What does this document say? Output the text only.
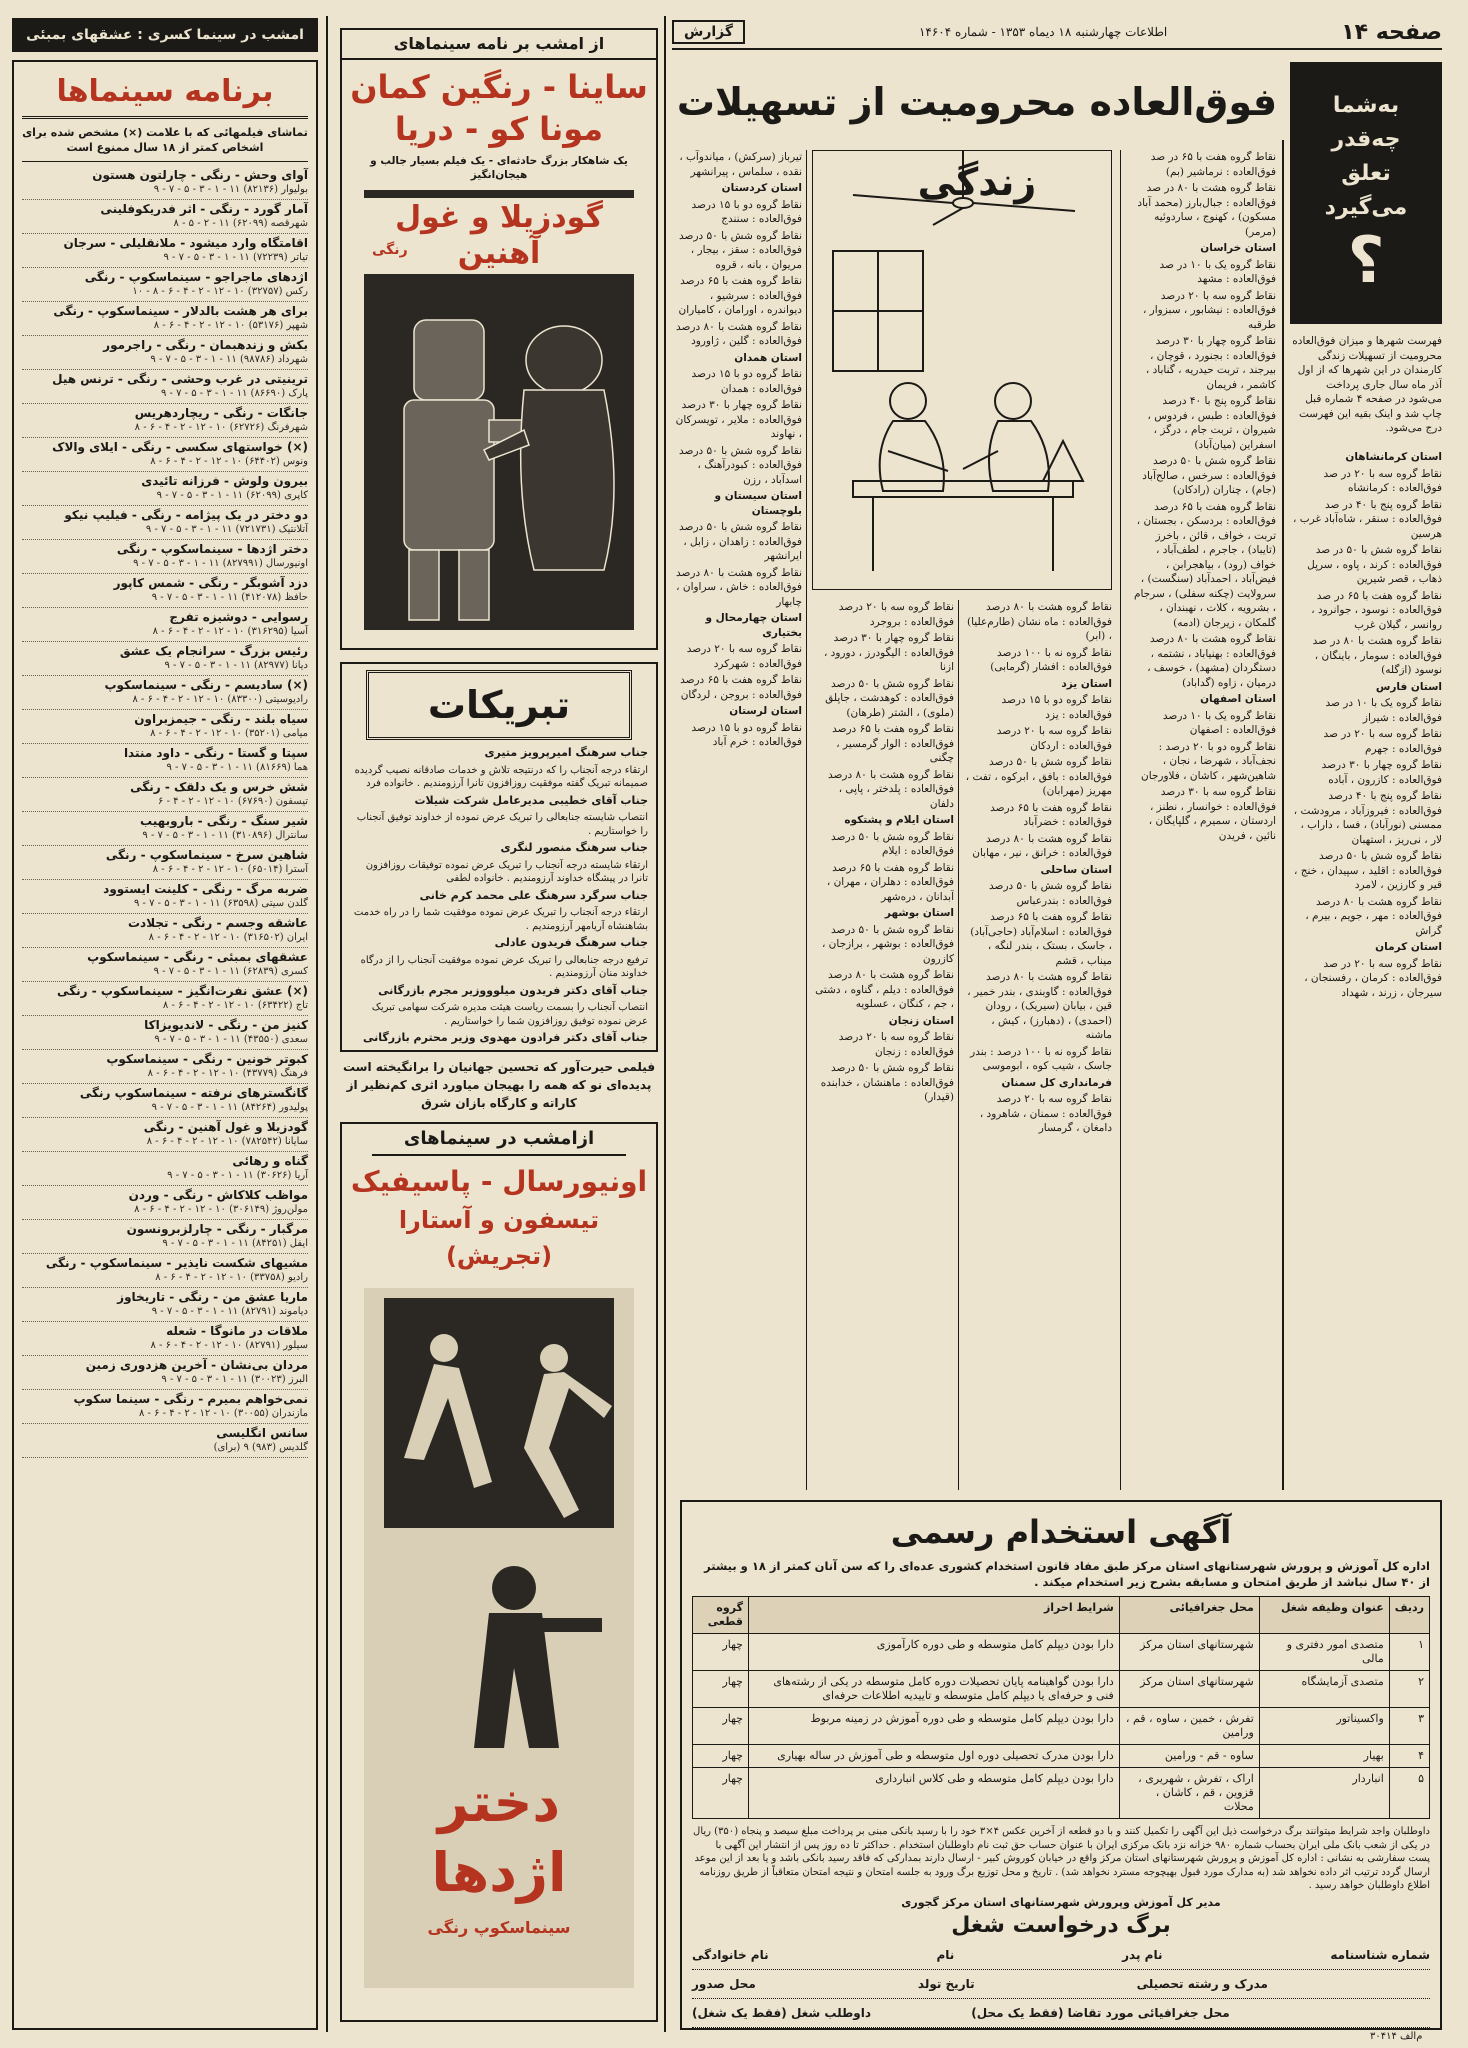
گزارش	اطلاعات چهارشنبه ۱۸ دیماه ۱۳۵۳ - شماره ۱۴۶۰۴	صفحه ۱۴
فوق‌العاده محرومیت از تسهیلات زندگی
به‌شما
چه‌قدر
تعلق
می‌گیرد
؟
فهرست شهرها و میزان فوق‌العاده محرومیت از تسهیلات زندگی کارمندان در این شهرها که از اول آذر ماه سال جاری پرداخت می‌شود در صفحه ۴ شماره قبل چاپ شد و اینک بقیه این فهرست درج می‌شود.

استان کرمانشاهان

نقاط گروه سه با ۲۰ در صد فوق‌العاده : کرمانشاه

نقاط گروه پنج با ۴۰ در صد فوق‌العاده : سنقر ، شاه‌آباد غرب ، هرسین

نقاط گروه شش با ۵۰ در صد فوق‌العاده : کرند ، پاوه ، سرپل ذهاب ، قصر شیرین

نقاط گروه هفت با ۶۵ در صد فوق‌العاده : نوسود ، جوانرود ، روانسر ، گیلان غرب

نقاط گروه هشت با ۸۰ در صد فوق‌العاده : سومار ، باینگان ، نوسود (ازگله)

استان فارس

نقاط گروه یک با ۱۰ در صد فوق‌العاده : شیراز

نقاط گروه سه با ۲۰ در صد فوق‌العاده : جهرم

نقاط گروه چهار با ۳۰ درصد فوق‌العاده : کازرون ، آباده

نقاط گروه پنج با ۴۰ درصد فوق‌العاده : فیروزآباد ، مرودشت ، ممسنی (نورآباد) ، فسا ، داراب ، لار ، نی‌ریز ، استهبان

نقاط گروه شش با ۵۰ درصد فوق‌العاده : اقلید ، سپیدان ، خنج ، قیر و کارزین ، لامرد

نقاط گروه هشت با ۸۰ درصد فوق‌العاده : مهر ، جویم ، بیرم ، گراش

استان کرمان

نقاط گروه سه با ۲۰ در صد فوق‌العاده : کرمان ، رفسنجان ، سیرجان ، زرند ، شهداد

نقاط گروه هفت با ۶۵ در صد فوق‌العاده : نرماشیر (بم)

نقاط گروه هشت با ۸۰ در صد فوق‌العاده : جبال‌بارز (محمد آباد مسکون) ، کهنوج ، ساردوئیه (مرمر)

استان خراسان

نقاط گروه یک با ۱۰ در صد فوق‌العاده : مشهد

نقاط گروه سه با ۲۰ درصد فوق‌العاده : نیشابور ، سبزوار ، طرقبه

نقاط گروه چهار با ۳۰ درصد فوق‌العاده : بجنورد ، قوچان ، بیرجند ، تربت حیدریه ، گناباد ، کاشمر ، فریمان

نقاط گروه پنج با ۴۰ درصد فوق‌العاده : طبس ، فردوس ، شیروان ، تربت جام ، درگز ، اسفراین (میان‌آباد)

نقاط گروه شش با ۵۰ درصد فوق‌العاده : سرخس ، صالح‌آباد (جام) ، چناران (رادکان)

نقاط گروه هفت با ۶۵ درصد فوق‌العاده : بردسکن ، بجستان ، تربت ، خواف ، قائن ، باخرز (تایباد) ، جاجرم ، لطف‌آباد ، خواف (رود) ، بیاهجرابن ، فیض‌آباد ، احمدآباد (سنگست) ، سرولایت (چکنه سفلی) ، سرجام ، بشرویه ، کلات ، نهبندان ، گلمکان ، زیرجان (ادمه)

نقاط گروه هشت با ۸۰ درصد فوق‌العاده : بهنیاباد ، نشتمه ، دستگردان (مشهد) ، خوسف ، درمیان ، زاوه (گداباد)

استان اصفهان

نقاط گروه یک با ۱۰ درصد فوق‌العاده : اصفهان

نقاط گروه دو با ۲۰ درصد : نجف‌آباد ، شهرضا ، نجان ، شاهین‌شهر ، کاشان ، فلاورجان

نقاط گروه سه با ۳۰ درصد فوق‌العاده : خوانسار ، نطنز ، اردستان ، سمیرم ، گلپایگان ، نائین ، فریدن

نقاط گروه هشت با ۸۰ درصد فوق‌العاده : ماه نشان (طارم‌علیا) ، (ابر)

نقاط گروه نه با ۱۰۰ درصد فوق‌العاده : افشار (گرمابی)

استان یزد

نقاط گروه دو با ۱۵ درصد فوق‌العاده : یزد

نقاط گروه سه با ۲۰ درصد فوق‌العاده : اردکان

نقاط گروه شش با ۵۰ درصد فوق‌العاده : بافق ، ابرکوه ، تفت ، مهریز (مهرابان)

نقاط گروه هفت با ۶۵ درصد فوق‌العاده : خضرآباد

نقاط گروه هشت با ۸۰ درصد فوق‌العاده : خرانق ، نیر ، مهابان

استان ساحلی

نقاط گروه شش با ۵۰ درصد فوق‌العاده : بندرعباس

نقاط گروه هفت با ۶۵ درصد فوق‌العاده : اسلام‌آباد (حاجی‌آباد) ، جاسک ، بستک ، بندر لنگه ، میناب ، قشم

نقاط گروه هشت با ۸۰ درصد فوق‌العاده : گاوبندی ، بندر خمیر ، قین ، بیابان (سیریک) ، رودان (احمدی) ، (دهبارز) ، کیش ، ماشنه

نقاط گروه نه با ۱۰۰ درصد : بندر جاسک ، شیب کوه ، ابوموسی

فرمانداری کل سمنان

نقاط گروه سه با ۲۰ درصد فوق‌العاده : سمنان ، شاهرود ، دامغان ، گرمسار

نقاط گروه سه با ۲۰ درصد فوق‌العاده : بروجرد

نقاط گروه چهار با ۳۰ درصد فوق‌العاده : الیگودرز ، دورود ، ازنا

نقاط گروه شش با ۵۰ درصد فوق‌العاده : کوهدشت ، جاپلق (ملوی) ، الشتر (طرهان)

نقاط گروه هفت با ۶۵ درصد فوق‌العاده : الوار گرمسیر ، چگنی

نقاط گروه هشت با ۸۰ درصد فوق‌العاده : پلدختر ، پاپی ، دلفان

استان ایلام و پشتکوه

نقاط گروه شش با ۵۰ درصد فوق‌العاده : ایلام

نقاط گروه هفت با ۶۵ درصد فوق‌العاده : دهلران ، مهران ، آبدانان ، دره‌شهر

استان بوشهر

نقاط گروه شش با ۵۰ درصد فوق‌العاده : بوشهر ، برازجان ، کازرون

نقاط گروه هشت با ۸۰ درصد فوق‌العاده : دیلم ، گناوه ، دشتی ، جم ، کنگان ، عسلویه

استان زنجان

نقاط گروه سه با ۲۰ درصد فوق‌العاده : زنجان

نقاط گروه شش با ۵۰ درصد فوق‌العاده : ماهنشان ، خدابنده (قیدار)

تیرباز (سرکش) ، میاندوآب ، نقده ، سلماس ، پیرانشهر

استان کردستان

نقاط گروه دو با ۱۵ درصد فوق‌العاده : سنندج

نقاط گروه شش با ۵۰ درصد فوق‌العاده : سقز ، بیجار ، مریوان ، بانه ، قروه

نقاط گروه هفت با ۶۵ درصد فوق‌العاده : سرشیو ، دیواندره ، اورامان ، کامیاران

نقاط گروه هشت با ۸۰ درصد فوق‌العاده : گلین ، ژاورود

استان همدان

نقاط گروه دو با ۱۵ درصد فوق‌العاده : همدان

نقاط گروه چهار با ۳۰ درصد فوق‌العاده : ملایر ، تویسرکان ، نهاوند

نقاط گروه شش با ۵۰ درصد فوق‌العاده : کبودرآهنگ ، اسدآباد ، رزن

استان سیستان و بلوچستان

نقاط گروه شش با ۵۰ درصد فوق‌العاده : زاهدان ، زابل ، ایرانشهر

نقاط گروه هشت با ۸۰ درصد فوق‌العاده : خاش ، سراوان ، چابهار

استان چهارمحال و بختیاری

نقاط گروه سه با ۲۰ درصد فوق‌العاده : شهرکرد

نقاط گروه هفت با ۶۵ درصد فوق‌العاده : بروجن ، لردگان

استان لرستان

نقاط گروه دو با ۱۵ درصد فوق‌العاده : خرم آباد

آگهی استخدام رسمی
اداره کل آموزش و پرورش شهرستانهای استان مرکز طبق مفاد قانون استخدام کشوری عده‌ای را که سن آنان کمتر از ۱۸ و بیشتر از ۴۰ سال نباشد از طریق امتحان و مسابقه بشرح زیر استخدام میکند .
ردیف	عنوان وظیفه شغل	محل جغرافیائی	شرایط احراز	گروه قطعی
۱	متصدی امور دفتری و مالی	شهرستانهای استان مرکز	دارا بودن دیپلم کامل متوسطه و طی دوره کارآموزی	چهار
۲	متصدی آزمایشگاه	شهرستانهای استان مرکز	دارا بودن گواهینامه پایان تحصیلات دوره کامل متوسطه در یکی از رشته‌های فنی و حرفه‌ای یا دیپلم کامل متوسطه و تاییدیه اطلاعات حرفه‌ای	چهار
۳	واکسیناتور	تفرش ، خمین ، ساوه ، قم ، ورامین	دارا بودن دیپلم کامل متوسطه و طی دوره آموزش در زمینه مربوط	چهار
۴	بهیار	ساوه - قم - ورامین	دارا بودن مدرک تحصیلی دوره اول متوسطه و طی آموزش در ساله بهیاری	چهار
۵	انباردار	اراک ، تفرش ، شهریری ، قزوین ، قم ، کاشان ، محلات	دارا بودن دیپلم کامل متوسطه و طی کلاس انبارداری	چهار
داوطلبان واجد شرایط میتوانند برگ درخواست ذیل این آگهی را تکمیل کنند و با دو قطعه از آخرین عکس ۴×۳ خود را با رسید بانکی مبنی بر پرداخت مبلغ سیصد و پنجاه (۳۵۰) ریال در یکی از شعب بانک ملی ایران بحساب شماره ۹۸۰ خزانه نزد بانک مرکزی ایران با عنوان حساب حق ثبت نام داوطلبان استخدام . حداکثر تا ده روز پس از انتشار این آگهی با پست سفارشی به نشانی : اداره کل آموزش و پرورش شهرستانهای استان مرکز واقع در خیابان کوروش کبیر - ارسال دارند بمدارکی که فاقد رسید بانکی باشد و یا بعد از این موعد ارسال گردد ترتیب اثر داده نخواهد شد (به مدارک مورد قبول بهیچوجه مسترد نخواهد شد) . تاریخ و محل توزیع برگ ورود به جلسه امتحان و نتیجه امتحان متعاقباً از طریق روزنامه اطلاع داوطلبان خواهد رسید .
مدیر کل آموزش وپرورش شهرستانهای استان مرکز گجوری
برگ درخواست شغل
نام خانوادگی	نام	نام پدر	شماره شناسنامه
محل صدور	تاریخ تولد	مدرک و رشته تحصیلی
داوطلب شغل (فقط یک شغل)	محل جغرافیائی مورد تقاضا (فقط یک محل)
م‌الف ۳۰۴۱۴
از امشب بر نامه سینماهای
ساینا - رنگین کمان
مونا کو - دریا
یک شاهکار بزرگ حادثه‌ای - یک فیلم بسیار جالب و هیجان‌انگیز
گودزیلا و غول آهنین
رنگی
تبریکات

جناب سرهنگ امیرپرویز متیری

ارتقاء درجه آنجناب را که درنتیجه تلاش و خدمات صادقانه نصیب گردیده صمیمانه تبریک گفته موفقیت روزافزون تانرا آرزومندیم . خانواده فرد

جناب آقای خطیبی مدیرعامل شرکت شیلات

انتصاب شایسته جنابعالی را تبریک عرض نموده از خداوند توفیق آنجناب را خواستاریم .

جناب سرهنگ منصور لنگری

ارتقاء شایسته درجه آنجناب را تبریک عرض نموده توفیقات روزافزون تانرا در پیشگاه خداوند آرزومندیم . خانواده لطفی

جناب سرگرد سرهنگ علی محمد کرم خانی

ارتقاء درجه آنجناب را تبریک عرض نموده موفقیت شما را در راه خدمت بشاهنشاه آریامهر آرزومندیم .

جناب سرهنگ فریدون عادلی

ترفیع درجه جنابعالی را تبریک عرض نموده موفقیت آنجناب را از درگاه خداوند منان آرزومندیم .

جناب آقای دکتر فریدون میلوووزیر مجرم بازرگانی

انتصاب آنجناب را بسمت ریاست هیئت مدیره شرکت سهامی تبریک عرض نموده توفیق روزافزون شما را خواستاریم .

جناب آقای دکتر فرادون مهدوی وزیر محترم بازرگانی

فیلمی حیرت‌آور که تحسین جهانیان را برانگیخته است پدیده‌ای نو که همه را بهیجان میاورد اثری کم‌نظیر از کاراته و کارگاه بازان شرق
ازامشب در سینماهای
اونیورسال - پاسیفیک
تیسفون و آستارا (تجریش)
دختر اژدها
سینماسکوپ رنگی
امشب در سینما کسری : عشقهای بمبئی
برنامه سینماها
تماشای فیلمهائی که با علامت (×) مشخص شده برای اشخاص کمتر از ۱۸ سال ممنوع است
آوای وحش - رنگی - چارلتون هستون
بولیوار (۸۲۱۳۶) ۱۱ - ۱ - ۳ - ۵ - ۷ - ۹
آمار گورد - رنگی - اثر فدریکوفلینی
شهرقصه (۶۲۰۹۹) ۱۱ - ۲ - ۵ - ۸
اقامتگاه وارد میشود - ملانقلیلی - سرجان
تیاتر (۷۲۲۳۹) ۱۱ - ۱ - ۳ - ۵ - ۷ - ۹
اژدهای ماجراجو - سینماسکوپ - رنگی
رکس (۳۲۷۵۷) ۱۰ - ۱۲ - ۲ - ۴ - ۶ - ۸ - ۱۰
برای هر هشت بالدلار - سینماسکوپ - رنگی
شهپر (۵۳۱۷۶) ۱۰ - ۱۲ - ۲ - ۴ - ۶ - ۸
بکش و زندهبمان - رنگی - راجرمور
شهرداد (۹۸۷۸۶) ۱۱ - ۱ - ۳ - ۵ - ۷ - ۹
ترینیتی در غرب وحشی - رنگی - ترنس هیل
پارک (۸۶۶۹۰) ۱۱ - ۱ - ۳ - ۵ - ۷ - ۹
جانگات - رنگی - ریچاردهریس
شهرفرنگ (۶۲۷۲۶) ۱۰ - ۱۲ - ۲ - ۴ - ۶ - ۸
(×) خواستهای سکسی - رنگی - ایلای والاک
ونوس (۶۴۴۰۲) ۱۰ - ۱۲ - ۲ - ۴ - ۶ - ۸
بیرون ولوش - فرزانه تائیدی
کاپری (۶۲۰۹۹) ۱۱ - ۱ - ۳ - ۵ - ۷ - ۹
دو دختر در یک پیژامه - رنگی - فیلیپ نیکو
آتلانتیک (۷۲۱۷۳۱) ۱۱ - ۱ - ۳ - ۵ - ۷ - ۹
دختر اژدها - سینماسکوپ - رنگی
اونیورسال (۸۲۷۹۹۱) ۱۱ - ۱ - ۳ - ۵ - ۷ - ۹
دزد آشوبگر - رنگی - شمس کاپور
حافظ (۴۱۲۰۷۸) ۱۱ - ۱ - ۳ - ۵ - ۷ - ۹
رسوایی - دوشیزه تفرج
آسیا (۳۱۶۲۹۵) ۱۰ - ۱۲ - ۲ - ۴ - ۶ - ۸
رئیس بزرگ - سرانجام یک عشق
دیانا (۸۲۹۷۷) ۱۱ - ۱ - ۳ - ۵ - ۷ - ۹
(×) سادیسم - رنگی - سینماسکوپ
رادیوسیتی (۸۳۳۰۰) ۱۰ - ۱۲ - ۲ - ۴ - ۶ - ۸
سیاه بلند - رنگی - جیمزبراون
میامی (۳۵۲۰۱) ۱۰ - ۱۲ - ۲ - ۴ - ۶ - ۸
سپتا و گستا - رنگی - داود منتدا
هما (۸۱۶۶۹) ۱۱ - ۱ - ۳ - ۵ - ۷ - ۹
شش خرس و یک دلقک - رنگی
تیسفون (۶۷۶۹۰) ۱۰ - ۱۲ - ۲ - ۴ - ۶
شیر سنگ - رنگی - باروبهیب
سانترال (۳۱۰۸۹۶) ۱۱ - ۱ - ۳ - ۵ - ۷ - ۹
شاهین سرخ - سینماسکوپ - رنگی
آسترا (۶۵۰۱۴) ۱۰ - ۱۲ - ۲ - ۴ - ۶ - ۸
ضربه مرگ - رنگی - کلینت ایستوود
گلدن سیتی (۶۳۵۹۸) ۱۱ - ۱ - ۳ - ۵ - ۷ - ۹
عاشقه وجسم - رنگی - تجلادت
ایران (۳۱۶۵۰۲) ۱۰ - ۱۲ - ۲ - ۴ - ۶ - ۸
عشقهای بمبئی - رنگی - سینماسکوپ
کسری (۶۲۸۳۹) ۱۱ - ۱ - ۳ - ۵ - ۷ - ۹
(×) عشق نفرت‌انگیز - سینماسکوپ - رنگی
تاج (۶۳۴۲۲) ۱۰ - ۱۲ - ۲ - ۴ - ۶ - ۸
کنیز من - رنگی - لاندیویزاکا
سعدی (۴۳۵۵۰) ۱۱ - ۱ - ۳ - ۵ - ۷ - ۹
کبوتر خونین - رنگی - سینماسکوپ
فرهنگ (۴۳۷۷۹) ۱۰ - ۱۲ - ۲ - ۴ - ۶ - ۸
گانگسترهای نرفته - سینماسکوپ رنگی
پولیدور (۸۴۲۶۴) ۱۱ - ۱ - ۳ - ۵ - ۷ - ۹
گودزیلا و غول آهنین - رنگی
سایانا (۷۸۲۵۴۲) ۱۰ - ۱۲ - ۲ - ۴ - ۶ - ۸
گناه و رهائی
آریا (۳۰۶۲۶) ۱۱ - ۱ - ۳ - ۵ - ۷ - ۹
مواظب کلاکاش - رنگی - وردن
مولن‌روژ (۳۰۶۱۴۹) ۱۰ - ۱۲ - ۲ - ۴ - ۶ - ۸
مرگبار - رنگی - چارلزبرونسون
ایفل (۸۴۲۵۱) ۱۱ - ۱ - ۳ - ۵ - ۷ - ۹
مشیهای شکست نایذیر - سینماسکوپ - رنگی
رادیو (۳۳۷۵۸) ۱۰ - ۱۲ - ۲ - ۴ - ۶ - ۸
ماریا عشق من - رنگی - تاریخاوز
دیاموند (۸۲۷۹۱) ۱۱ - ۱ - ۳ - ۵ - ۷ - ۹
ملاقات در مانوگا - شعله
سیلور (۸۲۷۹۱) ۱۰ - ۱۲ - ۲ - ۴ - ۶ - ۸
مردان بی‌نشان - آخرین هزدوری زمین
البرز (۳۰۰۲۳) ۱۱ - ۱ - ۳ - ۵ - ۷ - ۹
نمی‌خواهم بمیرم - رنگی - سینما سکوپ
مازندران (۳۰۰۵۵) ۱۰ - ۱۲ - ۲ - ۴ - ۶ - ۸
سانس انگلیسی
گلدیس (۹۸۳) ۹ (برای)
